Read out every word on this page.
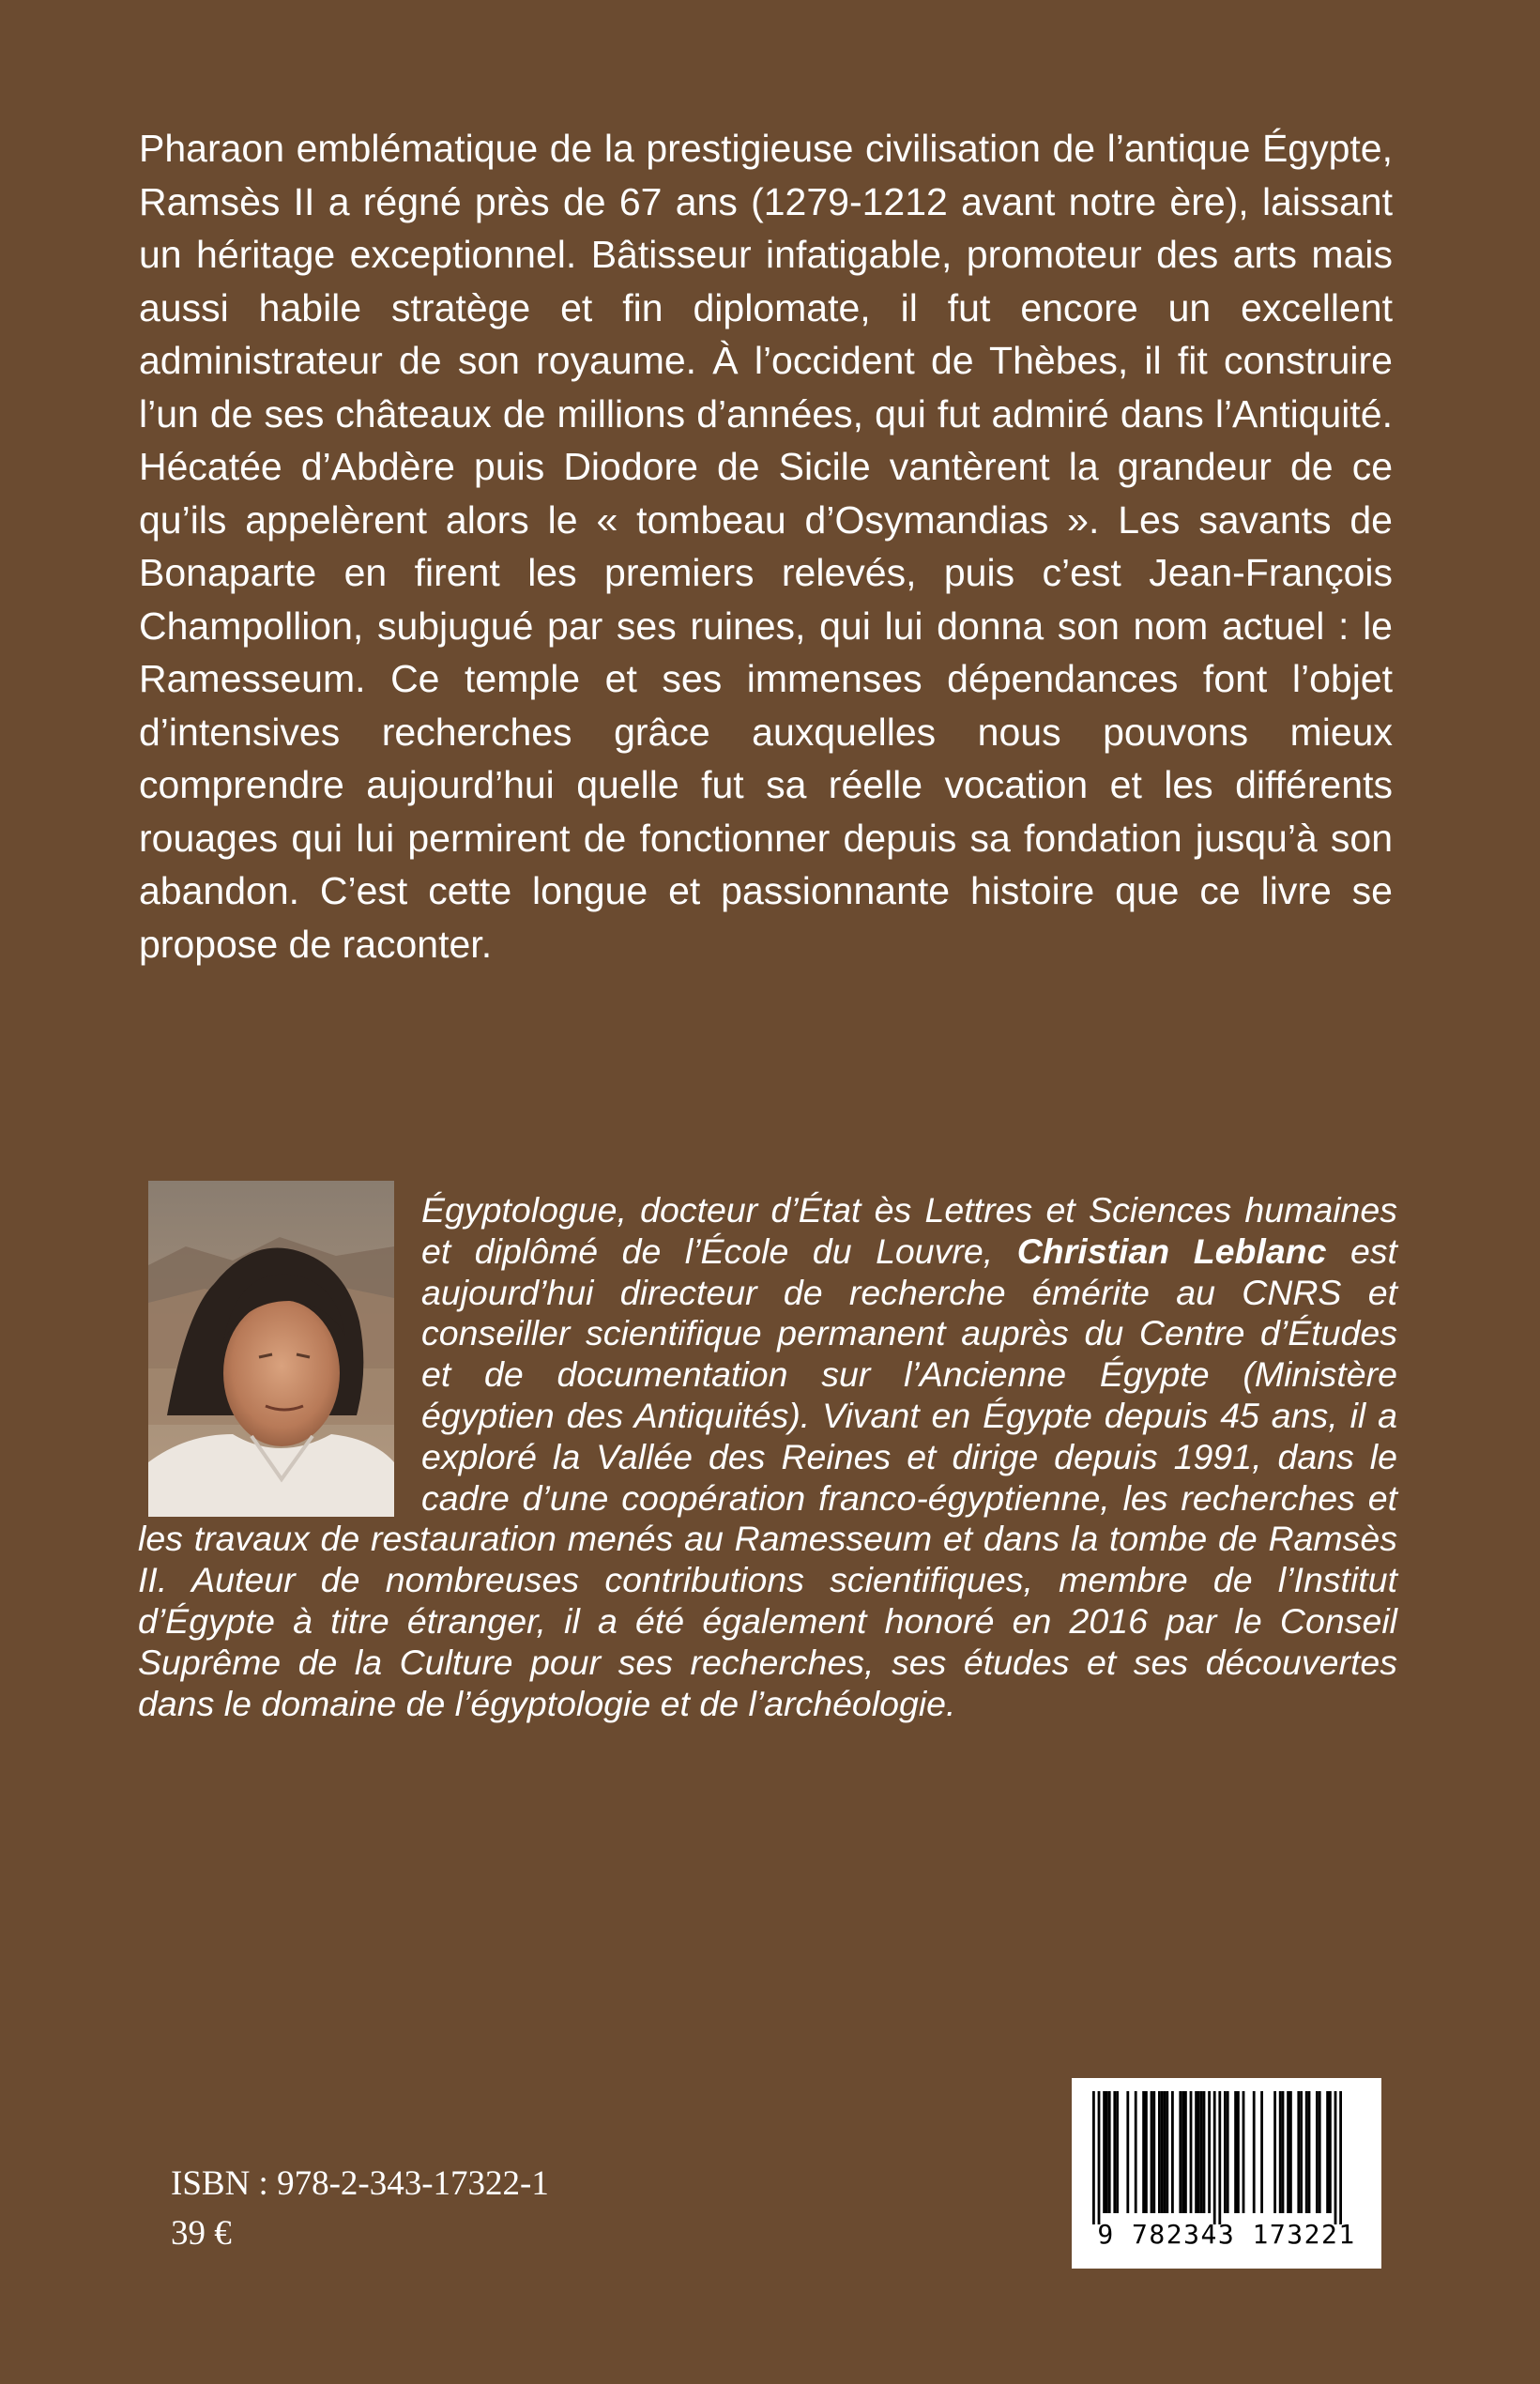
Pharaon emblématique de la prestigieuse civilisation de l’antique Égypte, Ramsès II a régné près de 67 ans (1279-1212 avant notre ère), laissant un héritage exceptionnel. Bâtisseur infatigable, promoteur des arts mais aussi habile stratège et fin diplomate, il fut encore un excellent administrateur de son royaume. À l’occident de Thèbes, il fit construire l’un de ses châteaux de millions d’années, qui fut admiré dans l’Antiquité. Hécatée d’Abdère puis Diodore de Sicile vantèrent la grandeur de ce qu’ils appelèrent alors le « tombeau d’Osymandias ». Les savants de Bonaparte en firent les premiers relevés, puis c’est Jean-François Champollion, subjugué par ses ruines, qui lui donna son nom actuel : le Ramesseum. Ce temple et ses immenses dépendances font l’objet d’intensives recherches grâce auxquelles nous pouvons mieux comprendre aujourd’hui quelle fut sa réelle vocation et les différents rouages qui lui permirent de fonctionner depuis sa fondation jusqu’à son abandon. C’est cette longue et passionnante histoire que ce livre se propose de raconter.

Égyptologue, docteur d’État ès Lettres et Sciences humaines et diplômé de l’École du Louvre, Christian Leblanc est aujourd’hui directeur de recherche émérite au CNRS et conseiller scientifique permanent auprès du Centre d’Études et de documentation sur l’Ancienne Égypte (Ministère égyptien des Antiquités). Vivant en Égypte depuis 45 ans, il a exploré la Vallée des Reines et dirige depuis 1991, dans le cadre d’une coopération franco-égyptienne, les recherches et les travaux de restauration menés au Ramesseum et dans la tombe de Ramsès II. Auteur de nombreuses contributions scientifiques, membre de l’Institut d’Égypte à titre étranger, il a été également honoré en 2016 par le Conseil Suprême de la Culture pour ses recherches, ses études et ses découvertes dans le domaine de l’égyptologie et de l’archéologie.

ISBN : 978-2-343-17322-1

39 €	9 782343 173221
